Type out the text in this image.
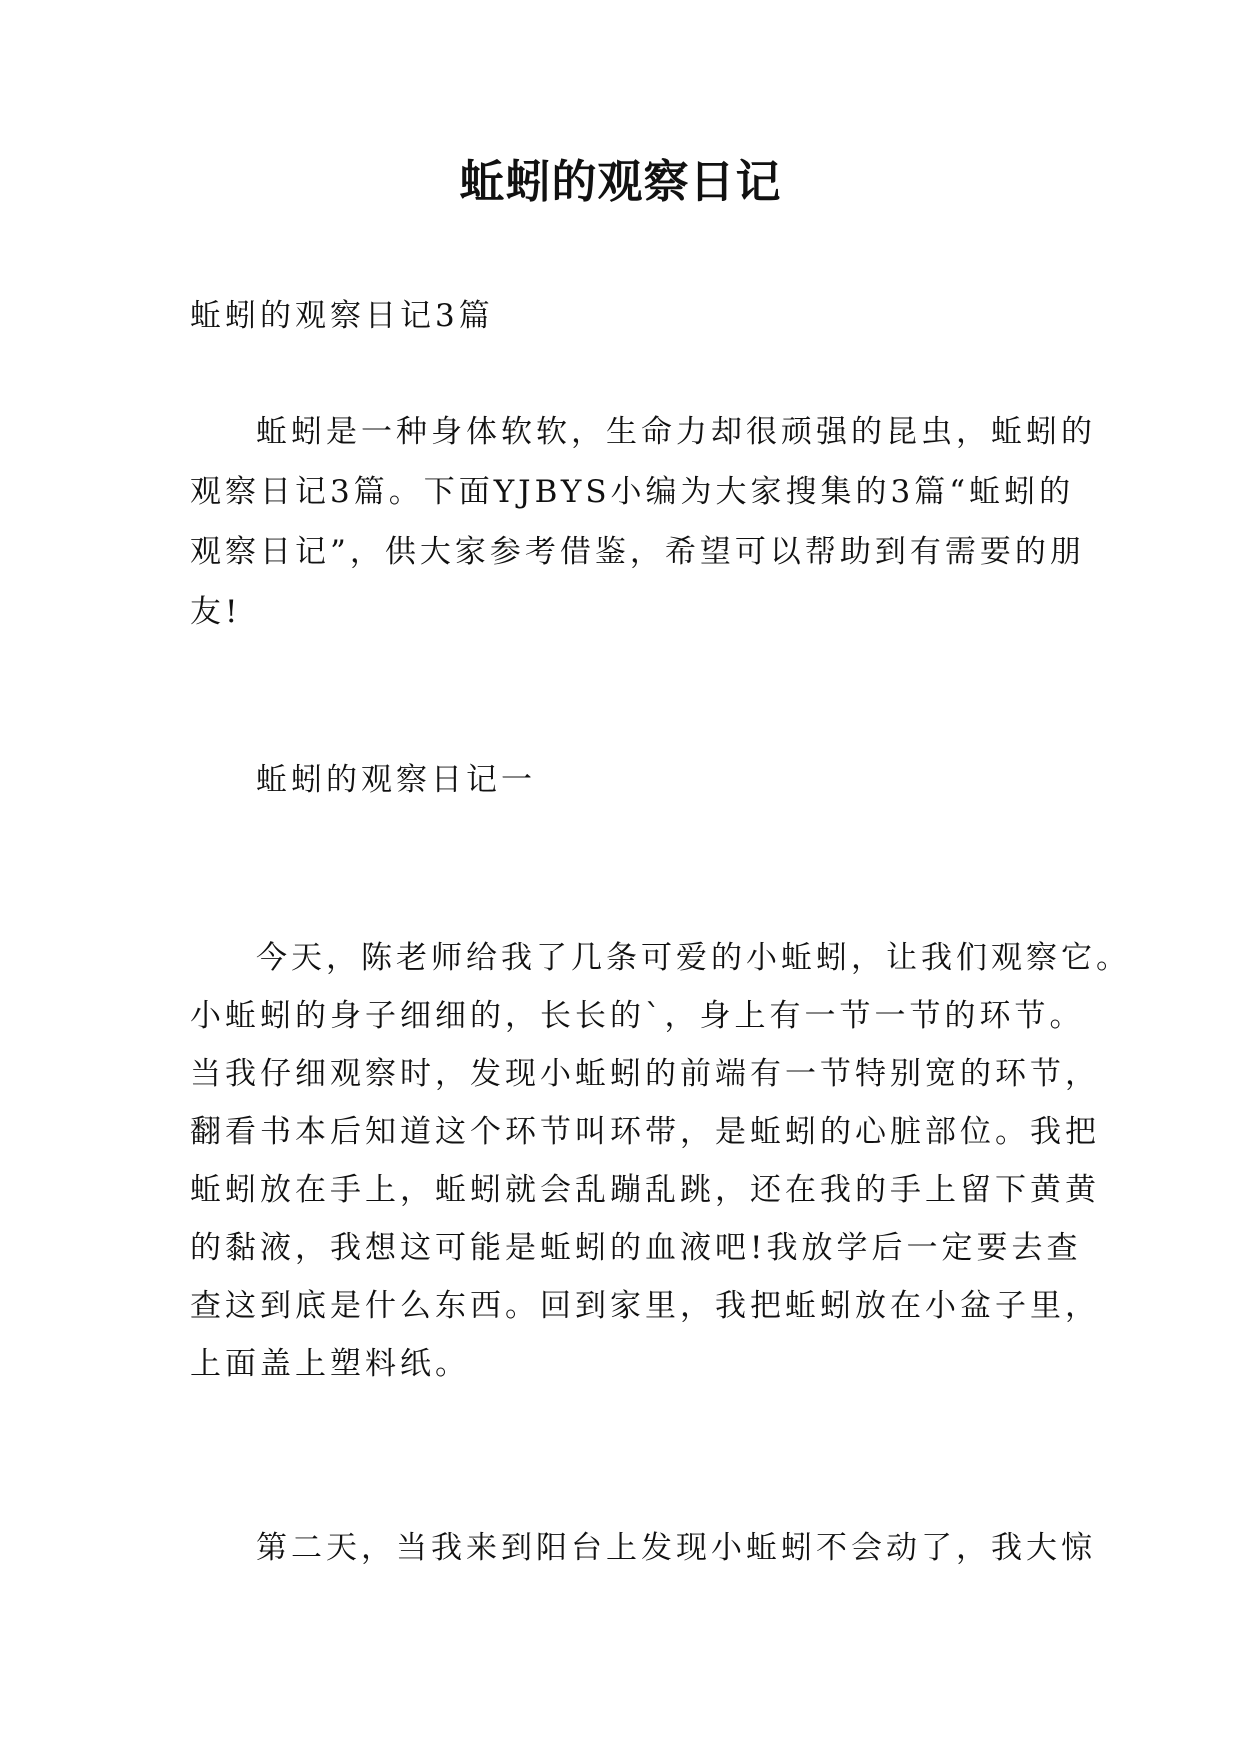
蚯蚓的观察日记
蚯蚓的观察日记3篇
蚯蚓是一种身体软软，生命力却很顽强的昆虫，蚯蚓的
观察日记3篇。下面YJBYS小编为大家搜集的3篇“蚯蚓的
观察日记”，供大家参考借鉴，希望可以帮助到有需要的朋
友!
蚯蚓的观察日记一
今天，陈老师给我了几条可爱的小蚯蚓，让我们观察它。
小蚯蚓的身子细细的，长长的`，身上有一节一节的环节。
当我仔细观察时，发现小蚯蚓的前端有一节特别宽的环节，
翻看书本后知道这个环节叫环带，是蚯蚓的心脏部位。我把
蚯蚓放在手上，蚯蚓就会乱蹦乱跳，还在我的手上留下黄黄
的黏液，我想这可能是蚯蚓的血液吧!我放学后一定要去查
查这到底是什么东西。回到家里，我把蚯蚓放在小盆子里，
上面盖上塑料纸。
第二天，当我来到阳台上发现小蚯蚓不会动了，我大惊
